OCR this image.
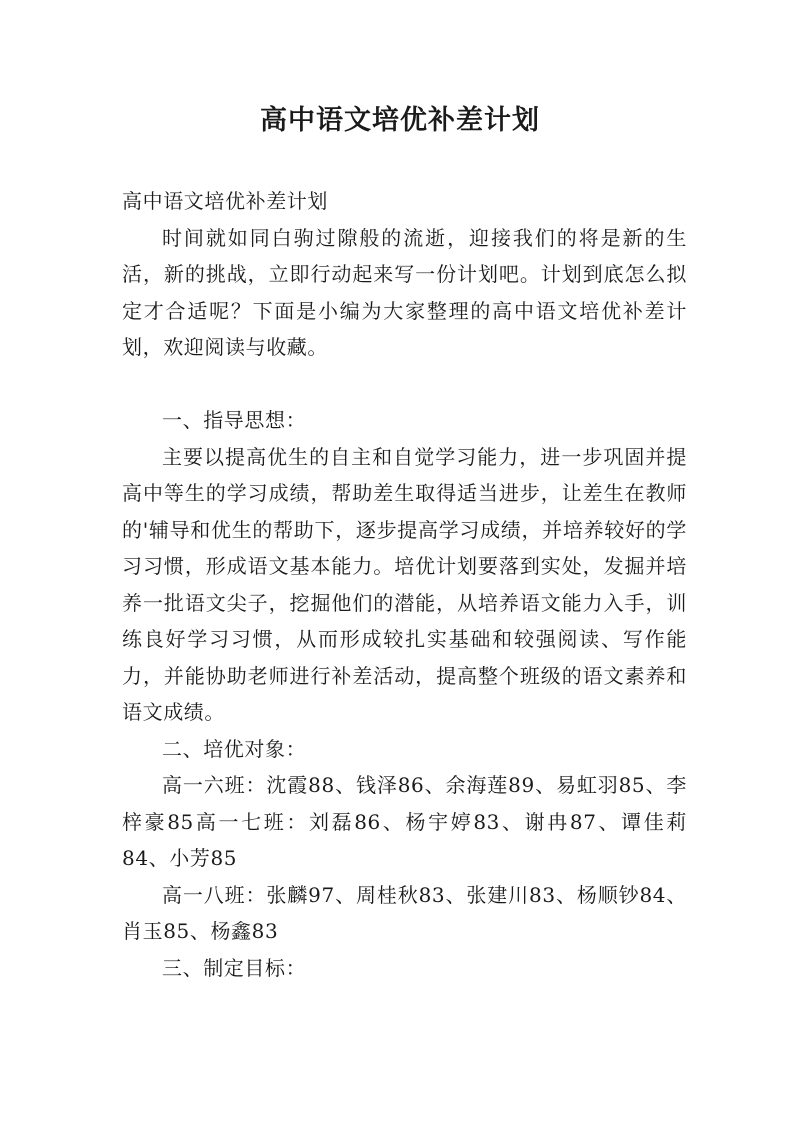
高中语文培优补差计划

高中语文培优补差计划

时间就如同白驹过隙般的流逝，迎接我们的将是新的生活，新的挑战，立即行动起来写一份计划吧。计划到底怎么拟定才合适呢？下面是小编为大家整理的高中语文培优补差计划，欢迎阅读与收藏。

一、指导思想：

主要以提高优生的自主和自觉学习能力，进一步巩固并提高中等生的学习成绩，帮助差生取得适当进步，让差生在教师的'辅导和优生的帮助下，逐步提高学习成绩，并培养较好的学习习惯，形成语文基本能力。培优计划要落到实处，发掘并培养一批语文尖子，挖掘他们的潜能，从培养语文能力入手，训练良好学习习惯，从而形成较扎实基础和较强阅读、写作能力，并能协助老师进行补差活动，提高整个班级的语文素养和语文成绩。

二、培优对象：

高一六班：沈霞88、钱泽86、余海莲89、易虹羽85、李梓豪85高一七班：刘磊86、杨宇婷83、谢冉87、谭佳莉84、小芳85

高一八班：张麟97、周桂秋83、张建川83、杨顺钞84、肖玉85、杨鑫83

三、制定目标：
